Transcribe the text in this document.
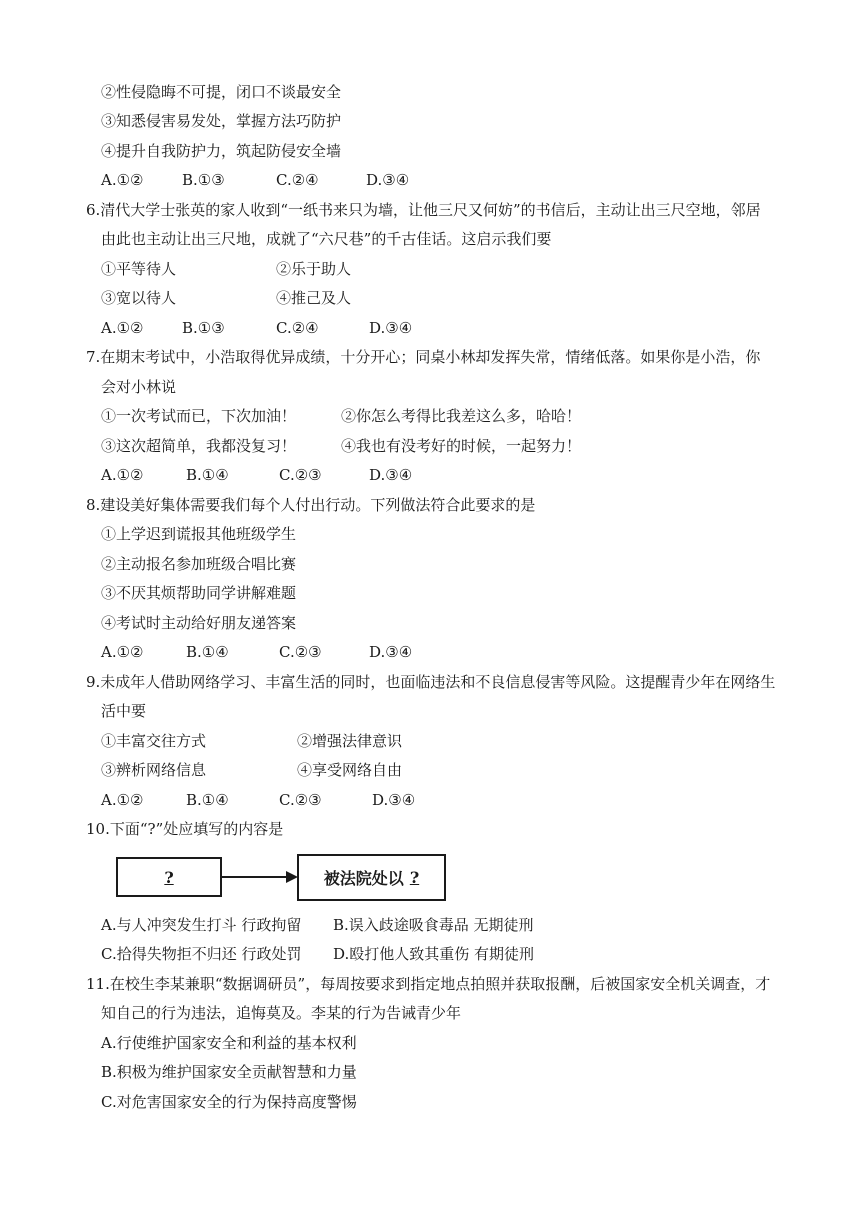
②性侵隐晦不可提，闭口不谈最安全
③知悉侵害易发处，掌握方法巧防护
④提升自我防护力，筑起防侵安全墙
A.①②	B.①③	C.②④	D.③④
6.清代大学士张英的家人收到“一纸书来只为墙，让他三尺又何妨”的书信后，主动让出三尺空地，邻居
由此也主动让出三尺地，成就了“六尺巷”的千古佳话。这启示我们要
①平等待人	②乐于助人
③宽以待人	④推己及人
A.①②	B.①③	C.②④	D.③④
7.在期末考试中，小浩取得优异成绩，十分开心；同桌小林却发挥失常，情绪低落。如果你是小浩，你
会对小林说
①一次考试而已，下次加油！	②你怎么考得比我差这么多，哈哈！
③这次超简单，我都没复习！	④我也有没考好的时候，一起努力！
A.①②	B.①④	C.②③	D.③④
8.建设美好集体需要我们每个人付出行动。下列做法符合此要求的是
①上学迟到谎报其他班级学生
②主动报名参加班级合唱比赛
③不厌其烦帮助同学讲解难题
④考试时主动给好朋友递答案
A.①②	B.①④	C.②③	D.③④
9.未成年人借助网络学习、丰富生活的同时，也面临违法和不良信息侵害等风险。这提醒青少年在网络生
活中要
①丰富交往方式	②增强法律意识
③辨析网络信息	④享受网络自由
A.①②	B.①④	C.②③	D.③④
10.下面“?”处应填写的内容是
?	被法院处以 ?
A.与人冲突发生打斗 行政拘留 B.误入歧途吸食毒品 无期徒刑
C.拾得失物拒不归还 行政处罚 D.殴打他人致其重伤 有期徒刑
11.在校生李某兼职“数据调研员”，每周按要求到指定地点拍照并获取报酬，后被国家安全机关调查，才
知自己的行为违法，追悔莫及。李某的行为告诫青少年
A.行使维护国家安全和利益的基本权利
B.积极为维护国家安全贡献智慧和力量
C.对危害国家安全的行为保持高度警惕
